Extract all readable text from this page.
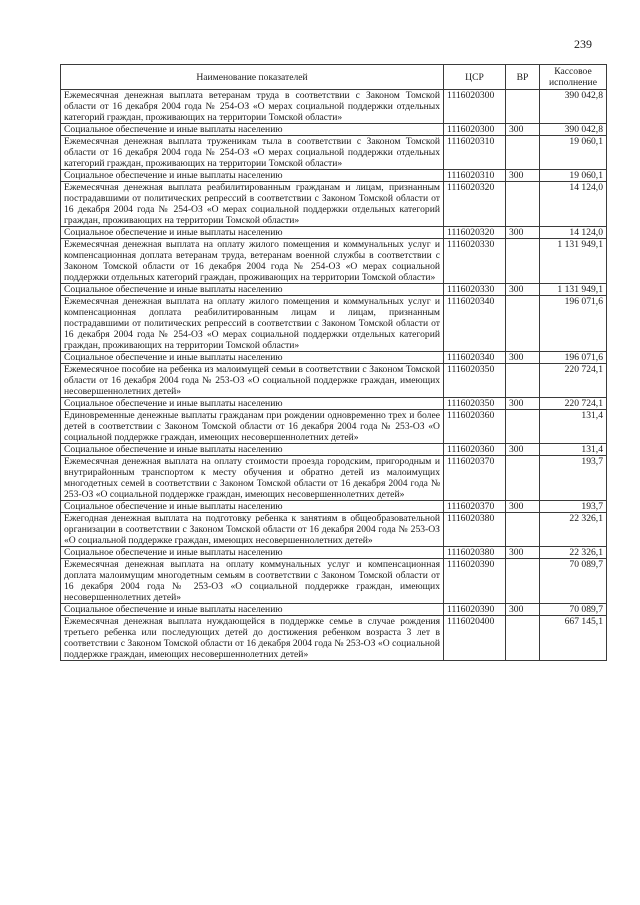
239
Наименование показателей	ЦСР	ВР	Кассовое исполнение
Ежемесячная денежная выплата ветеранам труда в соответствии с Законом Томской области от 16 декабря 2004 года № 254-ОЗ «О мерах социальной поддержки отдельных категорий граждан, проживающих на территории Томской области»	1116020300		390 042,8
Социальное обеспечение и иные выплаты населению	1116020300	300	390 042,8
Ежемесячная денежная выплата труженикам тыла в соответствии с Законом Томской области от 16 декабря 2004 года № 254-ОЗ «О мерах социальной поддержки отдельных категорий граждан, проживающих на территории Томской области»	1116020310		19 060,1
Социальное обеспечение и иные выплаты населению	1116020310	300	19 060,1
Ежемесячная денежная выплата реабилитированным гражданам и лицам, признанным пострадавшими от политических репрессий в соответствии с Законом Томской области от 16 декабря 2004 года № 254-ОЗ «О мерах социальной поддержки отдельных категорий граждан, проживающих на территории Томской области»	1116020320		14 124,0
Социальное обеспечение и иные выплаты населению	1116020320	300	14 124,0
Ежемесячная денежная выплата на оплату жилого помещения и коммунальных услуг и компенсационная доплата ветеранам труда, ветеранам военной службы в соответствии с Законом Томской области от 16 декабря 2004 года № 254-ОЗ «О мерах социальной поддержки отдельных категорий граждан, проживающих на территории Томской области»	1116020330		1 131 949,1
Социальное обеспечение и иные выплаты населению	1116020330	300	1 131 949,1
Ежемесячная денежная выплата на оплату жилого помещения и коммунальных услуг и компенсационная доплата реабилитированным лицам и лицам, признанным пострадавшими от политических репрессий в соответствии с Законом Томской области от 16 декабря 2004 года № 254-ОЗ «О мерах социальной поддержки отдельных категорий граждан, проживающих на территории Томской области»	1116020340		196 071,6
Социальное обеспечение и иные выплаты населению	1116020340	300	196 071,6
Ежемесячное пособие на ребенка из малоимущей семьи в соответствии с Законом Томской области от 16 декабря 2004 года № 253-ОЗ «О социальной поддержке граждан, имеющих несовершеннолетних детей»	1116020350		220 724,1
Социальное обеспечение и иные выплаты населению	1116020350	300	220 724,1
Единовременные денежные выплаты гражданам при рождении одновременно трех и более детей в соответствии с Законом Томской области от 16 декабря 2004 года № 253-ОЗ «О социальной поддержке граждан, имеющих несовершеннолетних детей»	1116020360		131,4
Социальное обеспечение и иные выплаты населению	1116020360	300	131,4
Ежемесячная денежная выплата на оплату стоимости проезда городским, пригородным и внутрирайонным транспортом к месту обучения и обратно детей из малоимущих многодетных семей в соответствии с Законом Томской области от 16 декабря 2004 года № 253-ОЗ «О социальной поддержке граждан, имеющих несовершеннолетних детей»	1116020370		193,7
Социальное обеспечение и иные выплаты населению	1116020370	300	193,7
Ежегодная денежная выплата на подготовку ребенка к занятиям в общеобразовательной организации в соответствии с Законом Томской области от 16 декабря 2004 года № 253-ОЗ «О социальной поддержке граждан, имеющих несовершеннолетних детей»	1116020380		22 326,1
Социальное обеспечение и иные выплаты населению	1116020380	300	22 326,1
Ежемесячная денежная выплата на оплату коммунальных услуг и компенсационная доплата малоимущим многодетным семьям в соответствии с Законом Томской области от 16 декабря 2004 года № 253-ОЗ «О социальной поддержке граждан, имеющих несовершеннолетних детей»	1116020390		70 089,7
Социальное обеспечение и иные выплаты населению	1116020390	300	70 089,7
Ежемесячная денежная выплата нуждающейся в поддержке семье в случае рождения третьего ребенка или последующих детей до достижения ребенком возраста 3 лет в соответствии с Законом Томской области от 16 декабря 2004 года № 253-ОЗ «О социальной поддержке граждан, имеющих несовершеннолетних детей»	1116020400		667 145,1
